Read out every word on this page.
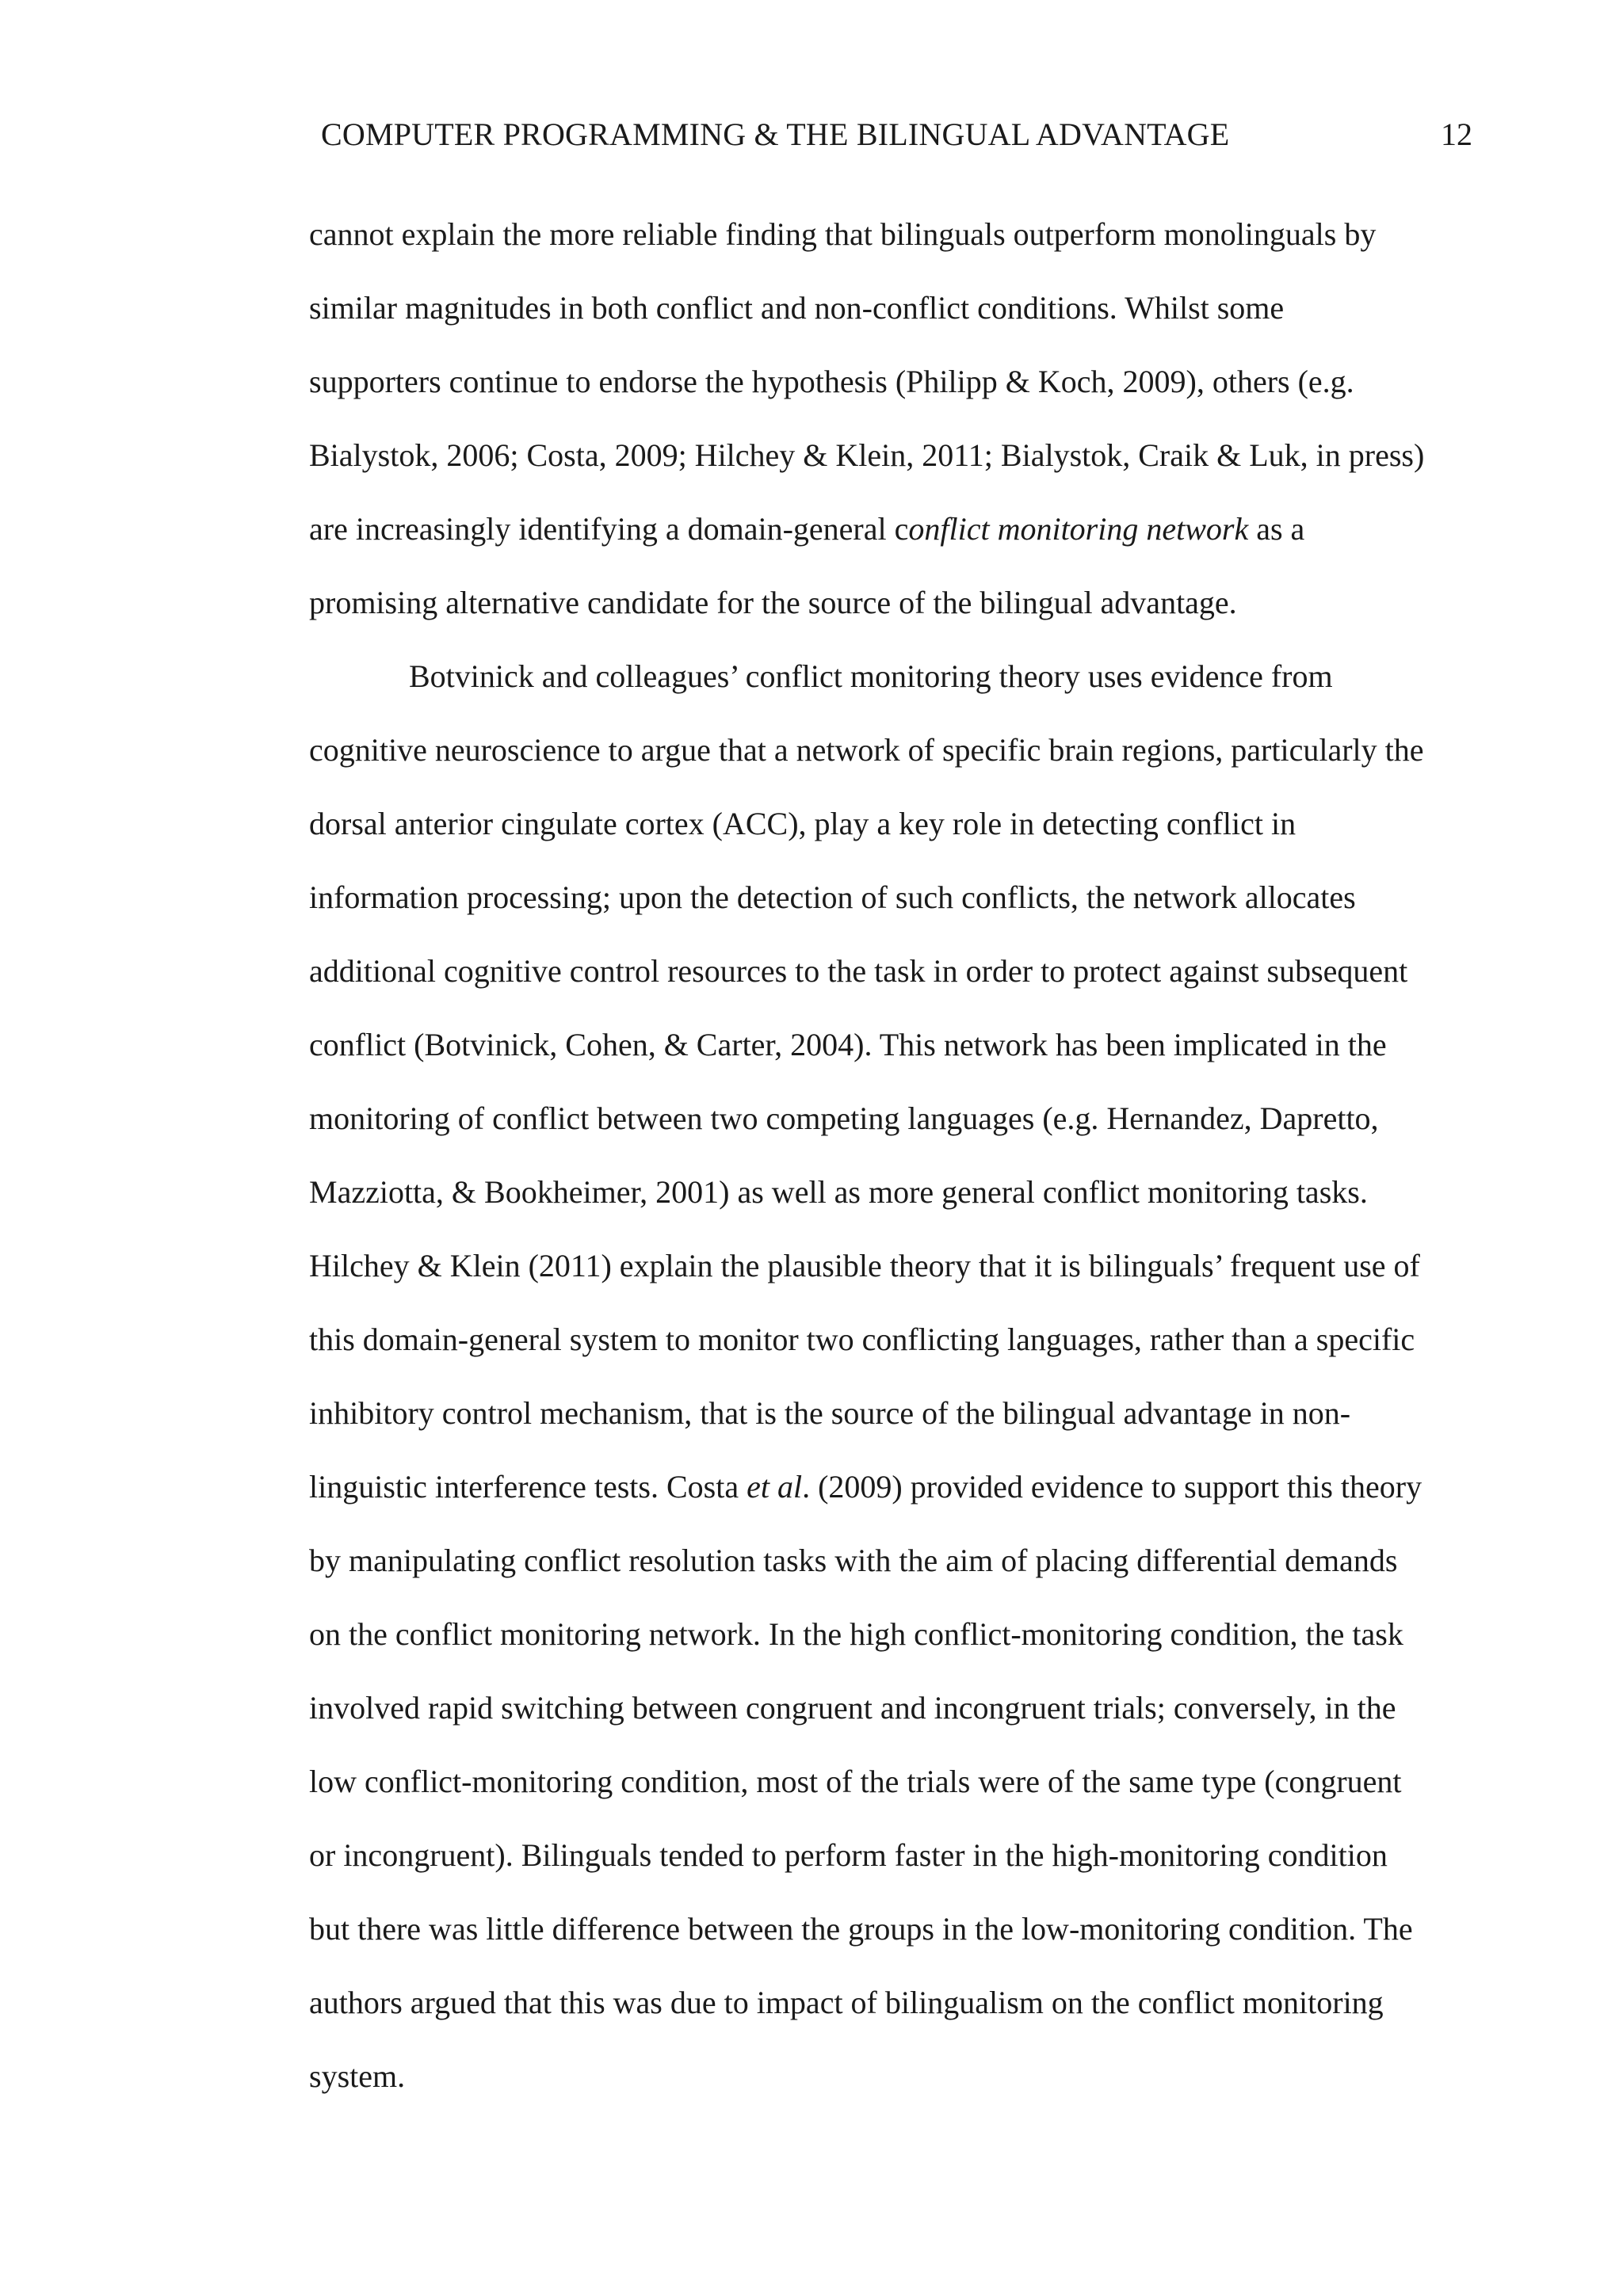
COMPUTER PROGRAMMING & THE BILINGUAL ADVANTAGE	12
cannot explain the more reliable finding that bilinguals outperform monolinguals by
similar magnitudes in both conflict and non-conflict conditions. Whilst some
supporters continue to endorse the hypothesis (Philipp & Koch, 2009), others (e.g.
Bialystok, 2006; Costa, 2009; Hilchey & Klein, 2011; Bialystok, Craik & Luk, in press)
are increasingly identifying a domain-general conflict monitoring network as a
promising alternative candidate for the source of the bilingual advantage.
Botvinick and colleagues’ conflict monitoring theory uses evidence from
cognitive neuroscience to argue that a network of specific brain regions, particularly the
dorsal anterior cingulate cortex (ACC), play a key role in detecting conflict in
information processing; upon the detection of such conflicts, the network allocates
additional cognitive control resources to the task in order to protect against subsequent
conflict (Botvinick, Cohen, & Carter, 2004). This network has been implicated in the
monitoring of conflict between two competing languages (e.g. Hernandez, Dapretto,
Mazziotta, & Bookheimer, 2001) as well as more general conflict monitoring tasks.
Hilchey & Klein (2011) explain the plausible theory that it is bilinguals’ frequent use of
this domain-general system to monitor two conflicting languages, rather than a specific
inhibitory control mechanism, that is the source of the bilingual advantage in non-
linguistic interference tests. Costa et al. (2009) provided evidence to support this theory
by manipulating conflict resolution tasks with the aim of placing differential demands
on the conflict monitoring network. In the high conflict-monitoring condition, the task
involved rapid switching between congruent and incongruent trials; conversely, in the
low conflict-monitoring condition, most of the trials were of the same type (congruent
or incongruent). Bilinguals tended to perform faster in the high-monitoring condition
but there was little difference between the groups in the low-monitoring condition. The
authors argued that this was due to impact of bilingualism on the conflict monitoring
system.
